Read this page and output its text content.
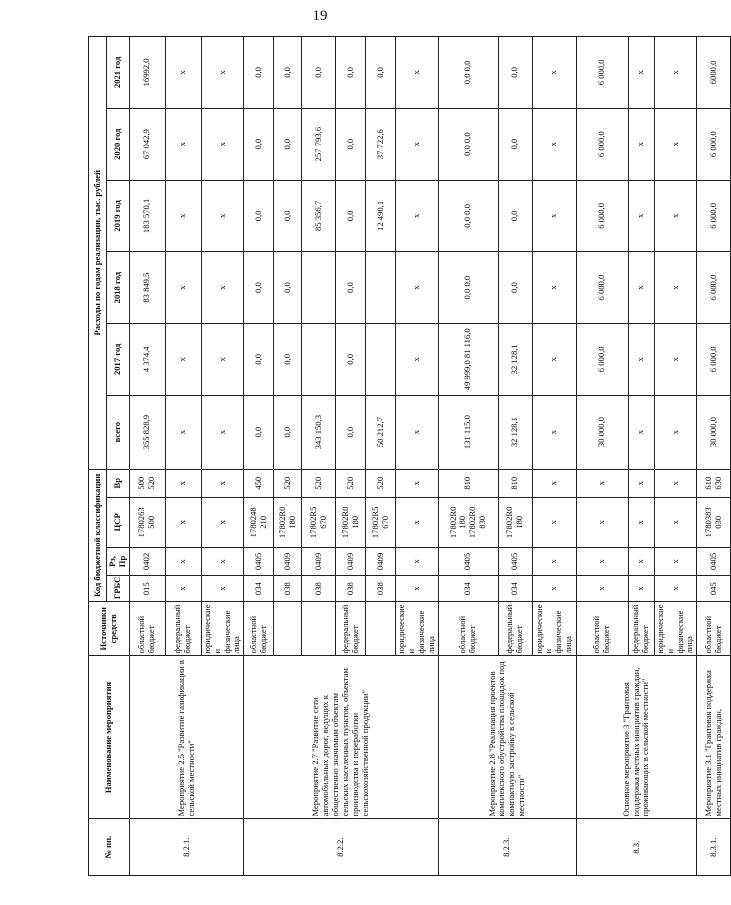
19
№ пп.	Наименование мероприятия	Источники средств	Код бюджетной классификации				Расходы по годам реализации, тыс. рублей					
			ГРБС	Рз, Пр	ЦСР	Вр	всего	2017 год	2018 год	2019 год	2020 год	2021 год
8.2.1.	Мероприятие 2.5 "Развитие газификации в сельской местности"	областной бюджет	015	0402	1780263 500	500 520	355 828,9	4 374,4	83 849,5	183 570,1	67 042,9	16992,0
		федеральный бюджет	х	х	х	х	х	х	х	х	х	х
		юридические и физические лица	х	х	х	х	х	х	х	х	х	х
8.2.2.	Мероприятие 2.7 "Развитие сети автомобильных дорог, ведущих к общественно значимым объектам сельских населенных пунктов, объектам производства и переработки сельскохозяйственной продукции"	областной бюджет	034	0405	1780248 210	450	0,0	0,0	0,0	0,0	0,0	0,0
			038	0409	17802R0 180	520	0,0	0,0	0,0	0,0	0,0	0,0
			038	0409	17802R5 670	520	343 150,3			85 356,7	257 793,6	0,0
		федеральный бюджет	038	0409	17802R0 180	520	0,0	0,0	0,0	0,0	0,0	0,0
			038	0409	17802R5 670	520	50 212,7			12 490,1	37 722,6	0,0
		юридические и физические лица	х	х	х	х	х	х	х	х	х	х
8.2.3.	Мероприятие 2.8 "Реализация проектов комплексного обустройства площадок под компактную застройку в сельской местности"	областной бюджет	034	0405	17802R0 180 17802R0 830	810	131 115,0	49 999,0 81 116,0	0,0 0,0	0,0 0,0	0,0 0,0	0,0 0,0
		федеральный бюджет	034	0405	17802R0 180	810	32 128,1	32 128,1	0,0	0,0	0,0	0,0
		юридические и физические лица	х	х	х	х	х	х	х	х	х	х
8.3.	Основное мероприятие 3 "Грантовая поддержка местных инициатив граждан, проживающих в сельской местности"	областной бюджет	х	х	х	х	30 000,0	6 000,0	6 000,0	6 000,0	6 000,0	6 000,0
		федеральный бюджет	х	х	х	х	х	х	х	х	х	х
		юридические и физические лица	х	х	х	х	х	х	х	х	х	х
8.3.1.	Мероприятие 3.1 "Грантовая поддержка местных инициатив граждан,	областной бюджет	045	0405	1780383 030	610 630	30 000,0	6 000,0	6 000,0	6 000,0	6 000,0	6000,0
